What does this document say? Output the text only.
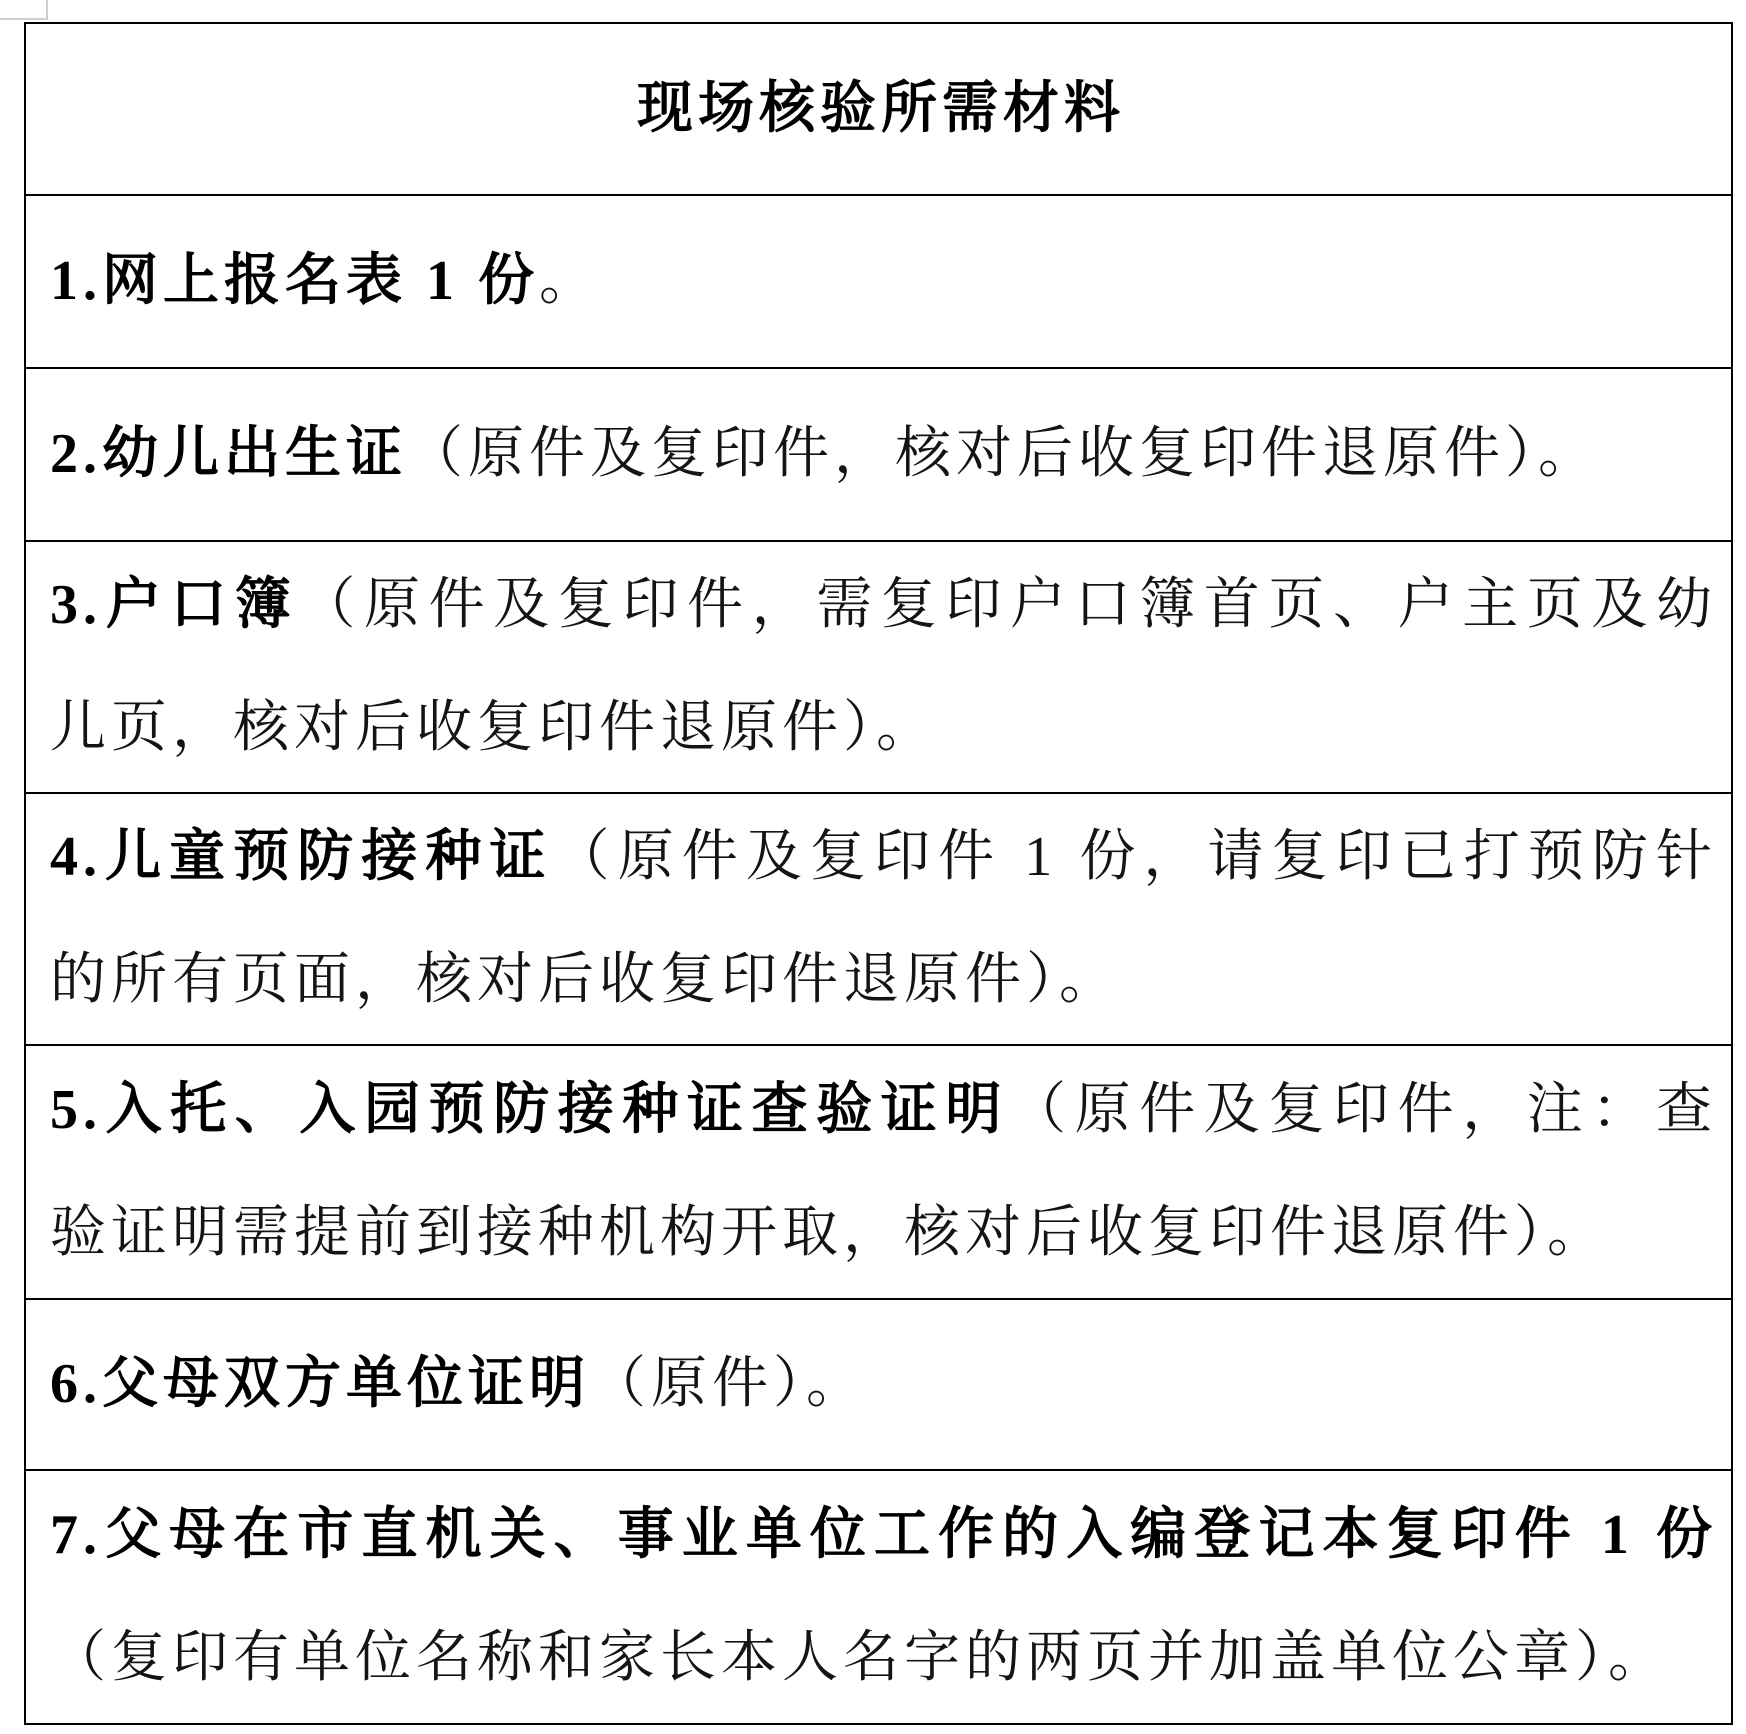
现场核验所需材料
1.网上报名表 1 份。
2.幼儿出生证（原件及复印件，核对后收复印件退原件）。
3.户口簿（原件及复印件，需复印户口簿首页、户主页及幼
儿页，核对后收复印件退原件）。
4.儿童预防接种证（原件及复印件 1 份，请复印已打预防针
的所有页面，核对后收复印件退原件）。
5.入托、入园预防接种证查验证明（原件及复印件，注：查
验证明需提前到接种机构开取，核对后收复印件退原件）。
6.父母双方单位证明（原件）。
7.父母在市直机关、事业单位工作的入编登记本复印件 1 份
（复印有单位名称和家长本人名字的两页并加盖单位公章）。
